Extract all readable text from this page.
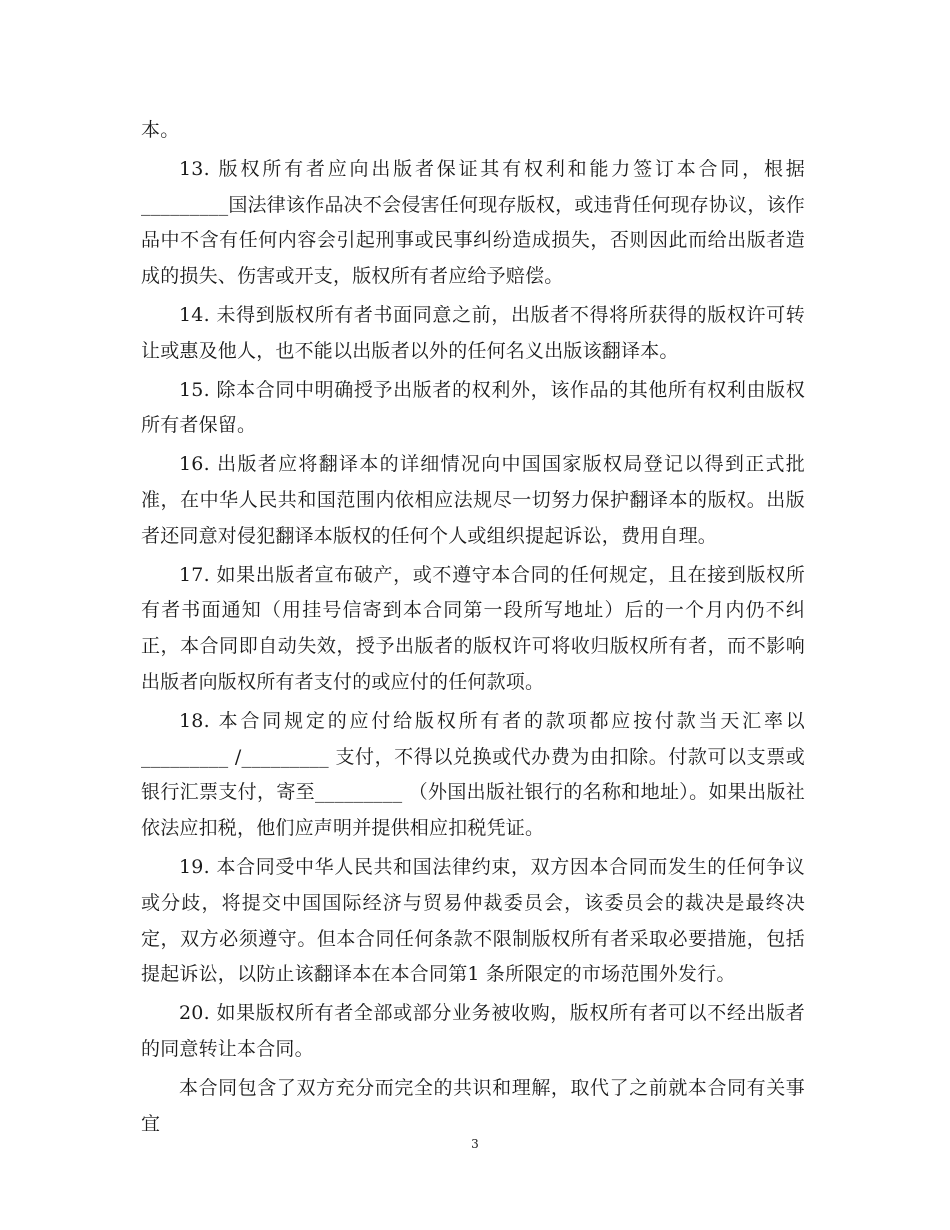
本。

13. 版权所有者应向出版者保证其有权利和能力签订本合同，根据_________国法律该作品决不会侵害任何现存版权，或违背任何现存协议，该作品中不含有任何内容会引起刑事或民事纠纷造成损失，否则因此而给出版者造成的损失、伤害或开支，版权所有者应给予赔偿。

14. 未得到版权所有者书面同意之前，出版者不得将所获得的版权许可转让或惠及他人，也不能以出版者以外的任何名义出版该翻译本。

15. 除本合同中明确授予出版者的权利外，该作品的其他所有权利由版权所有者保留。

16. 出版者应将翻译本的详细情况向中国国家版权局登记以得到正式批准，在中华人民共和国范围内依相应法规尽一切努力保护翻译本的版权。出版者还同意对侵犯翻译本版权的任何个人或组织提起诉讼，费用自理。

17. 如果出版者宣布破产，或不遵守本合同的任何规定，且在接到版权所有者书面通知（用挂号信寄到本合同第一段所写地址）后的一个月内仍不纠正，本合同即自动失效，授予出版者的版权许可将收归版权所有者，而不影响出版者向版权所有者支付的或应付的任何款项。

18. 本合同规定的应付给版权所有者的款项都应按付款当天汇率以_________ /_________ 支付，不得以兑换或代办费为由扣除。付款可以支票或银行汇票支付，寄至_________ （外国出版社银行的名称和地址）。如果出版社依法应扣税，他们应声明并提供相应扣税凭证。

19. 本合同受中华人民共和国法律约束，双方因本合同而发生的任何争议或分歧，将提交中国国际经济与贸易仲裁委员会，该委员会的裁决是最终决定，双方必须遵守。但本合同任何条款不限制版权所有者采取必要措施，包括提起诉讼，以防止该翻译本在本合同第1 条所限定的市场范围外发行。

20. 如果版权所有者全部或部分业务被收购，版权所有者可以不经出版者的同意转让本合同。

本合同包含了双方充分而完全的共识和理解，取代了之前就本合同有关事宜

3
